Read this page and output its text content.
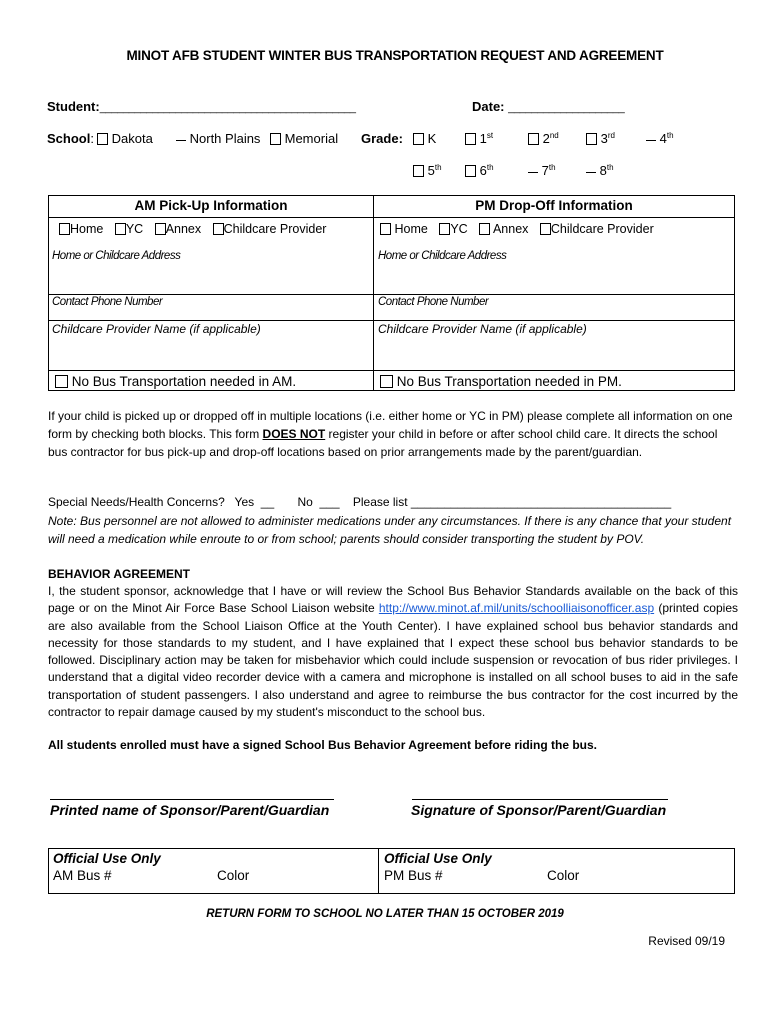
MINOT AFB STUDENT WINTER BUS TRANSPORTATION REQUEST AND AGREEMENT
Student:____________________________________________	Date: ____________________
School:	Dakota	North Plains	Memorial Grade:	K	1st	2nd	3rd	4th
5th	6th	7th	8th
AM Pick-Up Information	PM Drop-Off Information
Home YC Annex Childcare Provider	Home YC Annex Childcare Provider
Home or Childcare Address	Home or Childcare Address
Contact Phone Number	Contact Phone Number
Childcare Provider Name (if applicable)	Childcare Provider Name (if applicable)
No Bus Transportation needed in AM.	No Bus Transportation needed in PM.
If your child is picked up or dropped off in multiple locations (i.e. either home or YC in PM) please complete all information on one form by checking both blocks. This form DOES NOT register your child in before or after school child care. It directs the school bus contractor for bus pick-up and drop-off locations based on prior arrangements made by the parent/guardian.
Special Needs/Health Concerns?   Yes  __       No  ___    Please list _______________________________________
Note: Bus personnel are not allowed to administer medications under any circumstances. If there is any chance that your student will need a medication while enroute to or from school; parents should consider transporting the student by POV.
BEHAVIOR AGREEMENT
I, the student sponsor, acknowledge that I have or will review the School Bus Behavior Standards available on the back of this page or on the Minot Air Force Base School Liaison website http://www.minot.af.mil/units/schoolliaisonofficer.asp (printed copies are also available from the School Liaison Office at the Youth Center). I have explained school bus behavior standards and necessity for those standards to my student, and I have explained that I expect these school bus behavior standards to be followed. Disciplinary action may be taken for misbehavior which could include suspension or revocation of bus rider privileges. I understand that a digital video recorder device with a camera and microphone is installed on all school buses to aid in the safe transportation of student passengers. I also understand and agree to reimburse the bus contractor for the cost incurred by the contractor to repair damage caused by my student's misconduct to the school bus.
All students enrolled must have a signed School Bus Behavior Agreement before riding the bus.
Printed name of Sponsor/Parent/Guardian	Signature of Sponsor/Parent/Guardian
Official Use Only
AM Bus #	Color
Official Use Only
PM Bus #	Color
RETURN FORM TO SCHOOL NO LATER THAN 15 OCTOBER 2019
Revised 09/19
